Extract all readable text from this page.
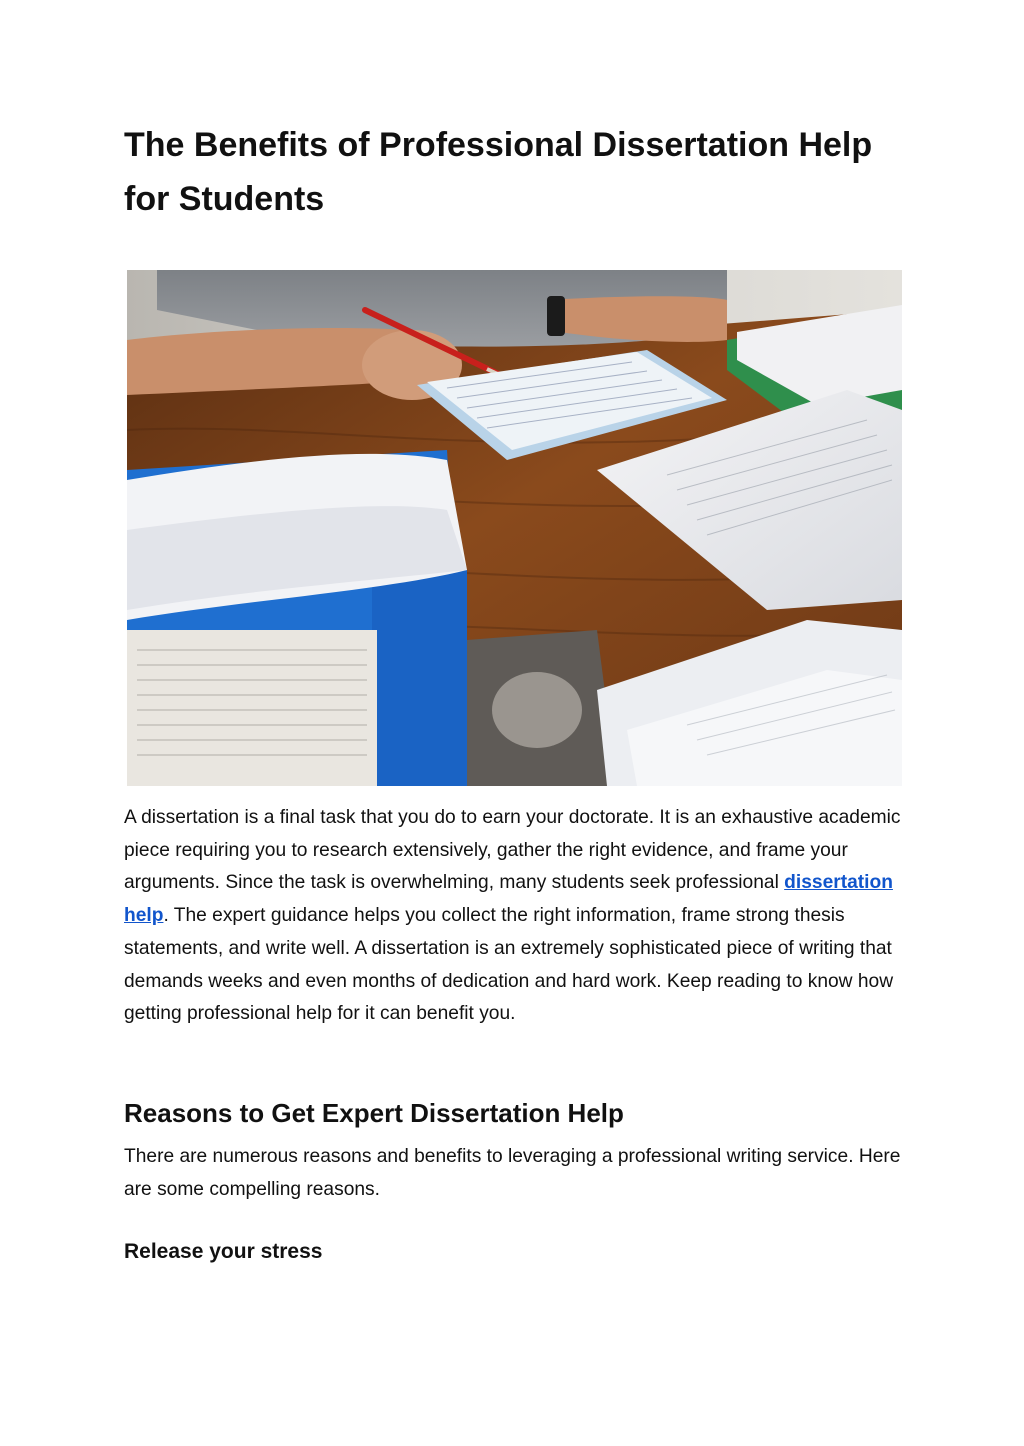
The Benefits of Professional Dissertation Help for Students

A dissertation is a final task that you do to earn your doctorate. It is an exhaustive academic piece requiring you to research extensively, gather the right evidence, and frame your arguments. Since the task is overwhelming, many students seek professional dissertation help. The expert guidance helps you collect the right information, frame strong thesis statements, and write well. A dissertation is an extremely sophisticated piece of writing that demands weeks and even months of dedication and hard work. Keep reading to know how getting professional help for it can benefit you.

Reasons to Get Expert Dissertation Help

There are numerous reasons and benefits to leveraging a professional writing service. Here are some compelling reasons.

Release your stress
